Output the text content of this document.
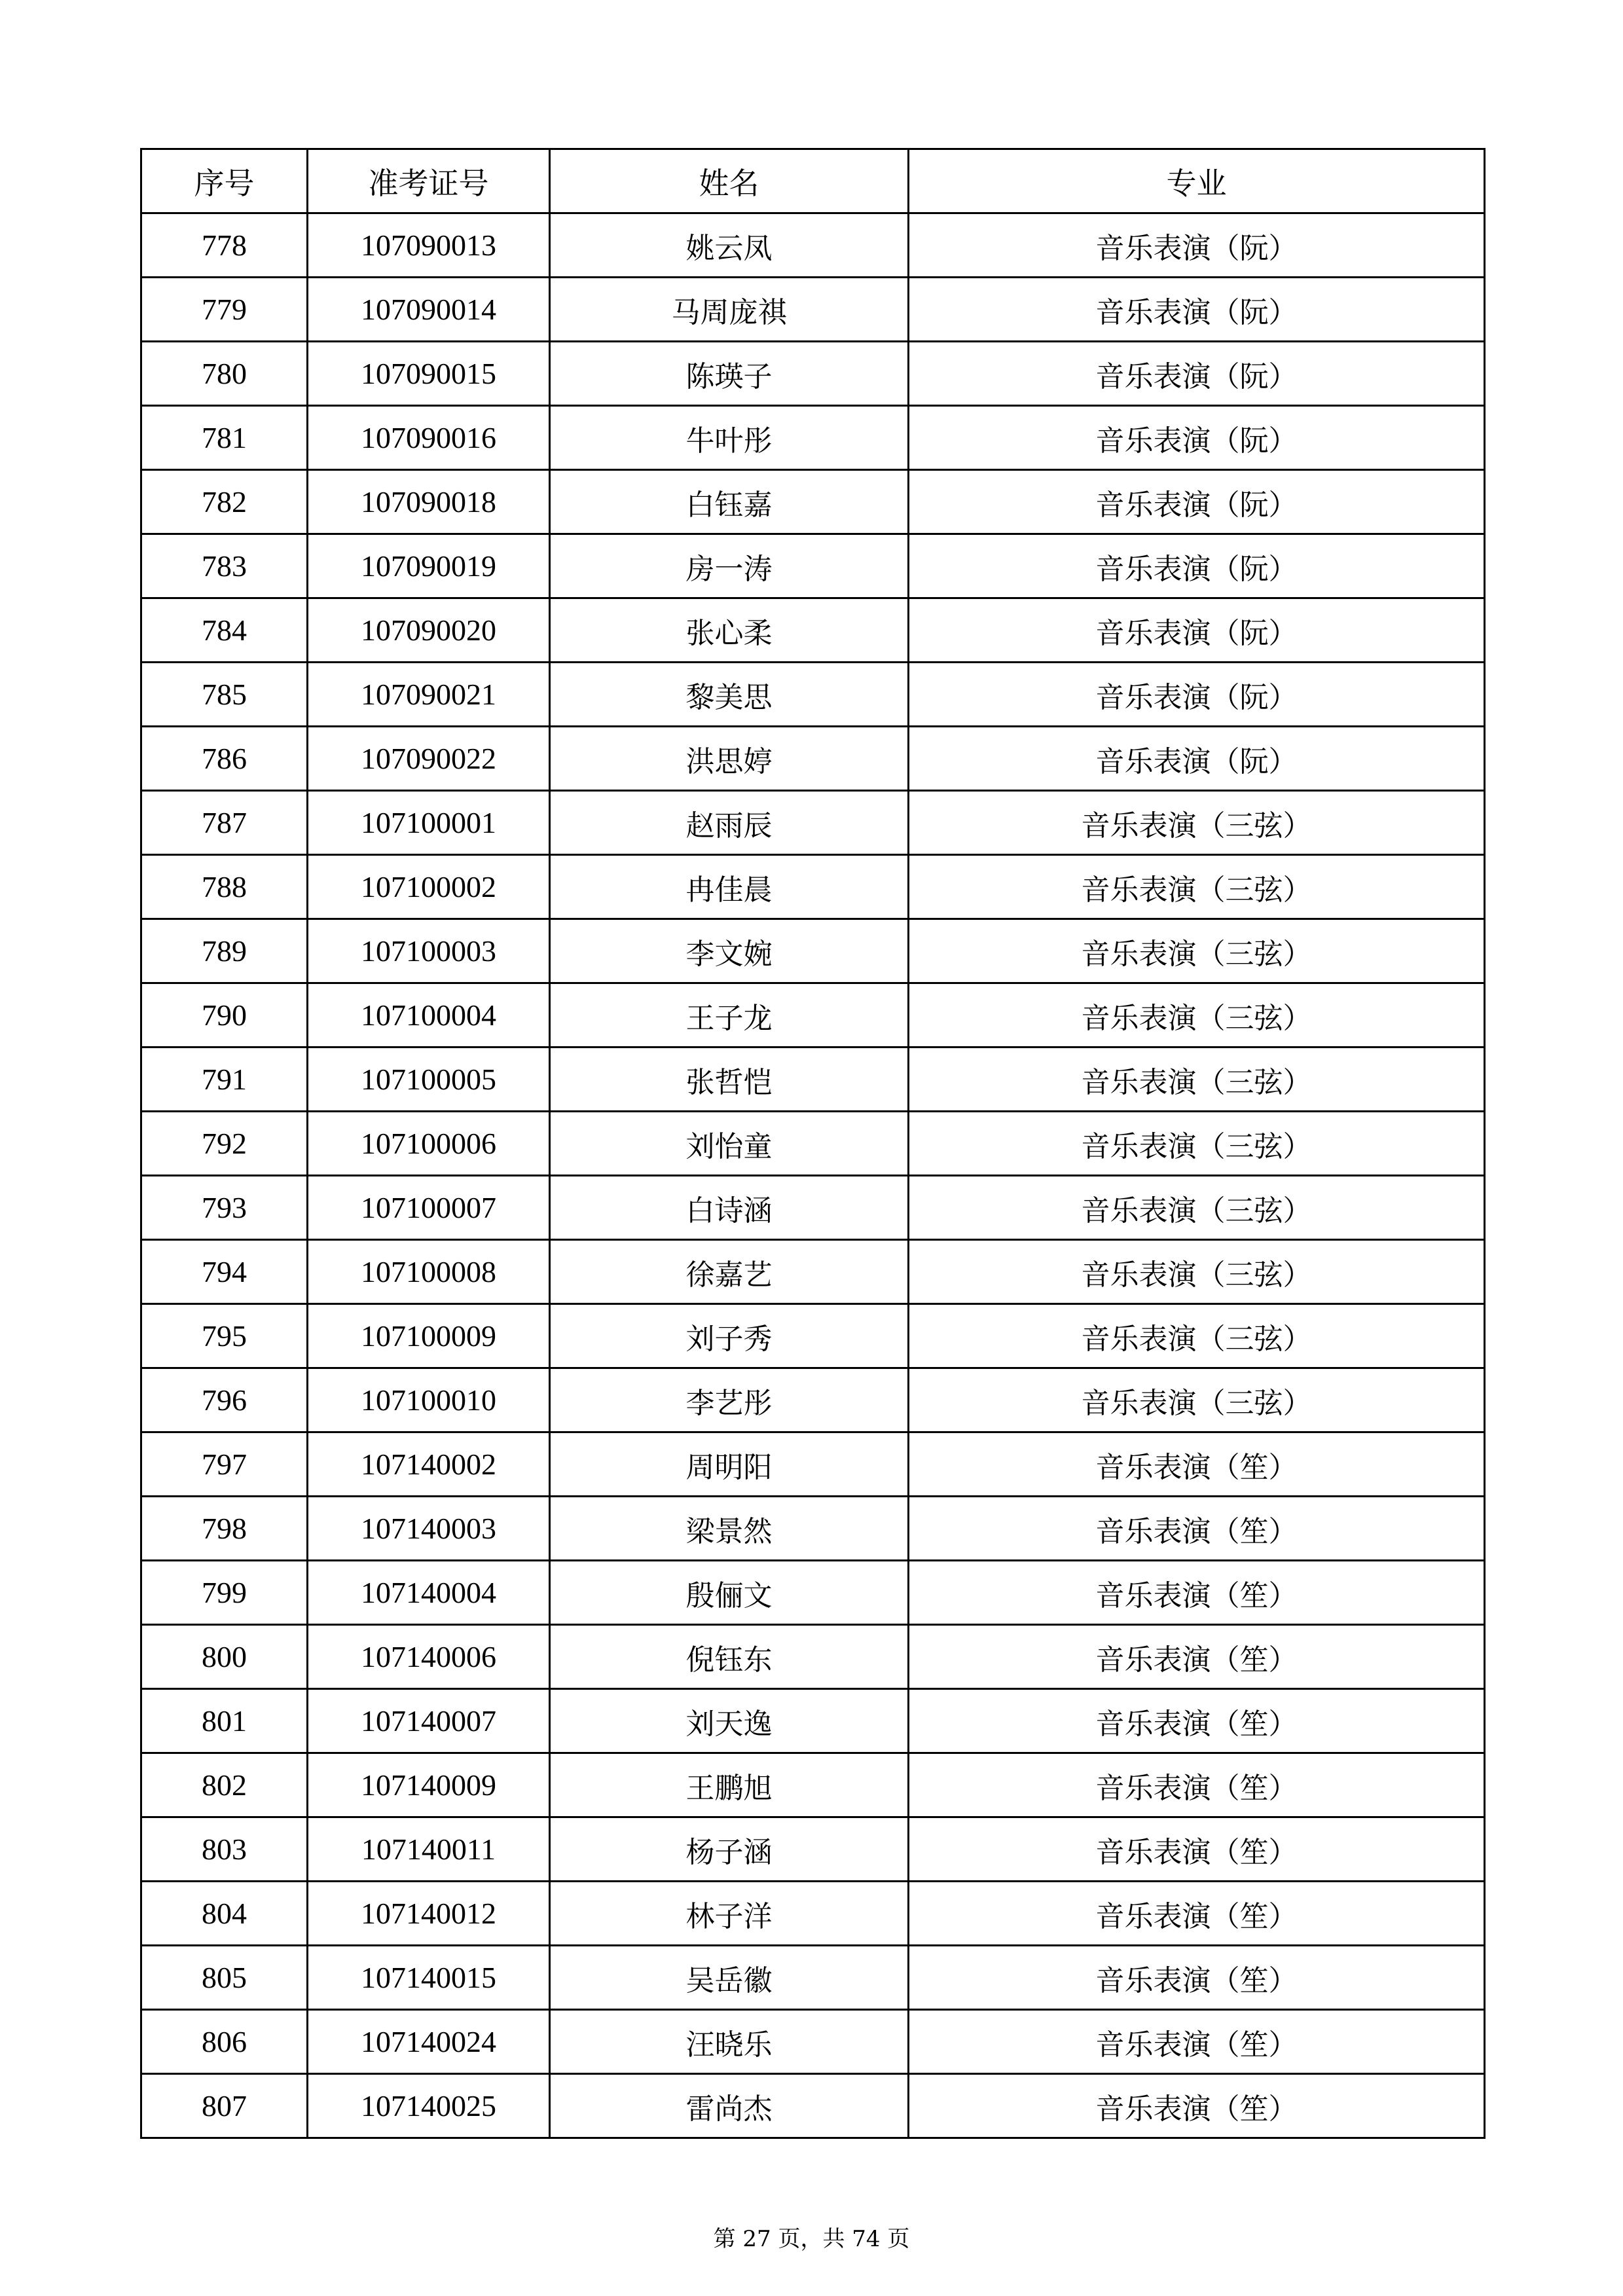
序号	准考证号	姓名	专业
778	107090013	姚云凤	音乐表演（阮）
779	107090014	马周庞祺	音乐表演（阮）
780	107090015	陈瑛子	音乐表演（阮）
781	107090016	牛叶彤	音乐表演（阮）
782	107090018	白钰嘉	音乐表演（阮）
783	107090019	房一涛	音乐表演（阮）
784	107090020	张心柔	音乐表演（阮）
785	107090021	黎美思	音乐表演（阮）
786	107090022	洪思婷	音乐表演（阮）
787	107100001	赵雨辰	音乐表演（三弦）
788	107100002	冉佳晨	音乐表演（三弦）
789	107100003	李文婉	音乐表演（三弦）
790	107100004	王子龙	音乐表演（三弦）
791	107100005	张哲恺	音乐表演（三弦）
792	107100006	刘怡童	音乐表演（三弦）
793	107100007	白诗涵	音乐表演（三弦）
794	107100008	徐嘉艺	音乐表演（三弦）
795	107100009	刘子秀	音乐表演（三弦）
796	107100010	李艺彤	音乐表演（三弦）
797	107140002	周明阳	音乐表演（笙）
798	107140003	梁景然	音乐表演（笙）
799	107140004	殷俪文	音乐表演（笙）
800	107140006	倪钰东	音乐表演（笙）
801	107140007	刘天逸	音乐表演（笙）
802	107140009	王鹏旭	音乐表演（笙）
803	107140011	杨子涵	音乐表演（笙）
804	107140012	林子洋	音乐表演（笙）
805	107140015	吴岳徽	音乐表演（笙）
806	107140024	汪晓乐	音乐表演（笙）
807	107140025	雷尚杰	音乐表演（笙）
第 27 页，共 74 页
